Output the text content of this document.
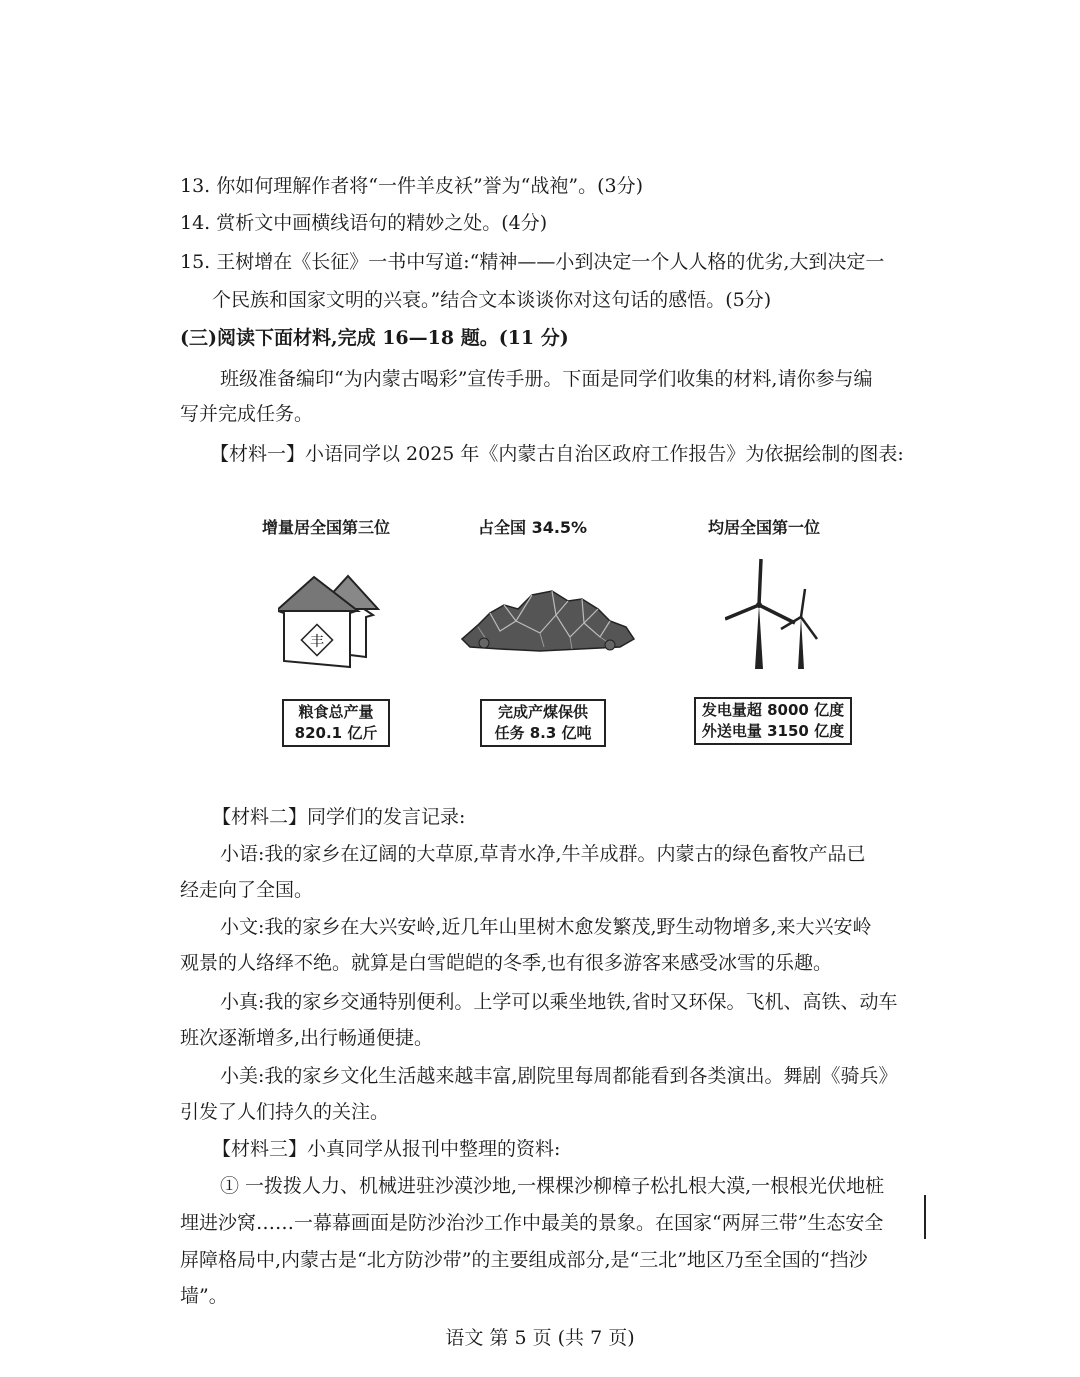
13. 你如何理解作者将“一件羊皮袄”誉为“战袍”。(3分)
14. 赏析文中画横线语句的精妙之处。(4分)
15. 王树增在《长征》一书中写道:“精神——小到决定一个人人格的优劣,大到决定一
个民族和国家文明的兴衰。”结合文本谈谈你对这句话的感悟。(5分)
(三)阅读下面材料,完成 16—18 题。(11 分)
班级准备编印“为内蒙古喝彩”宣传手册。下面是同学们收集的材料,请你参与编
写并完成任务。
【材料一】小语同学以 2025 年《内蒙古自治区政府工作报告》为依据绘制的图表:
增量居全国第三位	占全国 34.5%	均居全国第一位
丰
粮食总产量
820.1 亿斤
完成产煤保供
任务 8.3 亿吨
发电量超 8000 亿度
外送电量 3150 亿度
【材料二】同学们的发言记录:
小语:我的家乡在辽阔的大草原,草青水净,牛羊成群。内蒙古的绿色畜牧产品已
经走向了全国。
小文:我的家乡在大兴安岭,近几年山里树木愈发繁茂,野生动物增多,来大兴安岭
观景的人络绎不绝。就算是白雪皑皑的冬季,也有很多游客来感受冰雪的乐趣。
小真:我的家乡交通特别便利。上学可以乘坐地铁,省时又环保。飞机、高铁、动车
班次逐渐增多,出行畅通便捷。
小美:我的家乡文化生活越来越丰富,剧院里每周都能看到各类演出。舞剧《骑兵》
引发了人们持久的关注。
【材料三】小真同学从报刊中整理的资料:
① 一拨拨人力、机械进驻沙漠沙地,一棵棵沙柳樟子松扎根大漠,一根根光伏地桩
埋进沙窝……一幕幕画面是防沙治沙工作中最美的景象。在国家“两屏三带”生态安全
屏障格局中,内蒙古是“北方防沙带”的主要组成部分,是“三北”地区乃至全国的“挡沙
墙”。
语文 第 5 页 (共 7 页)
